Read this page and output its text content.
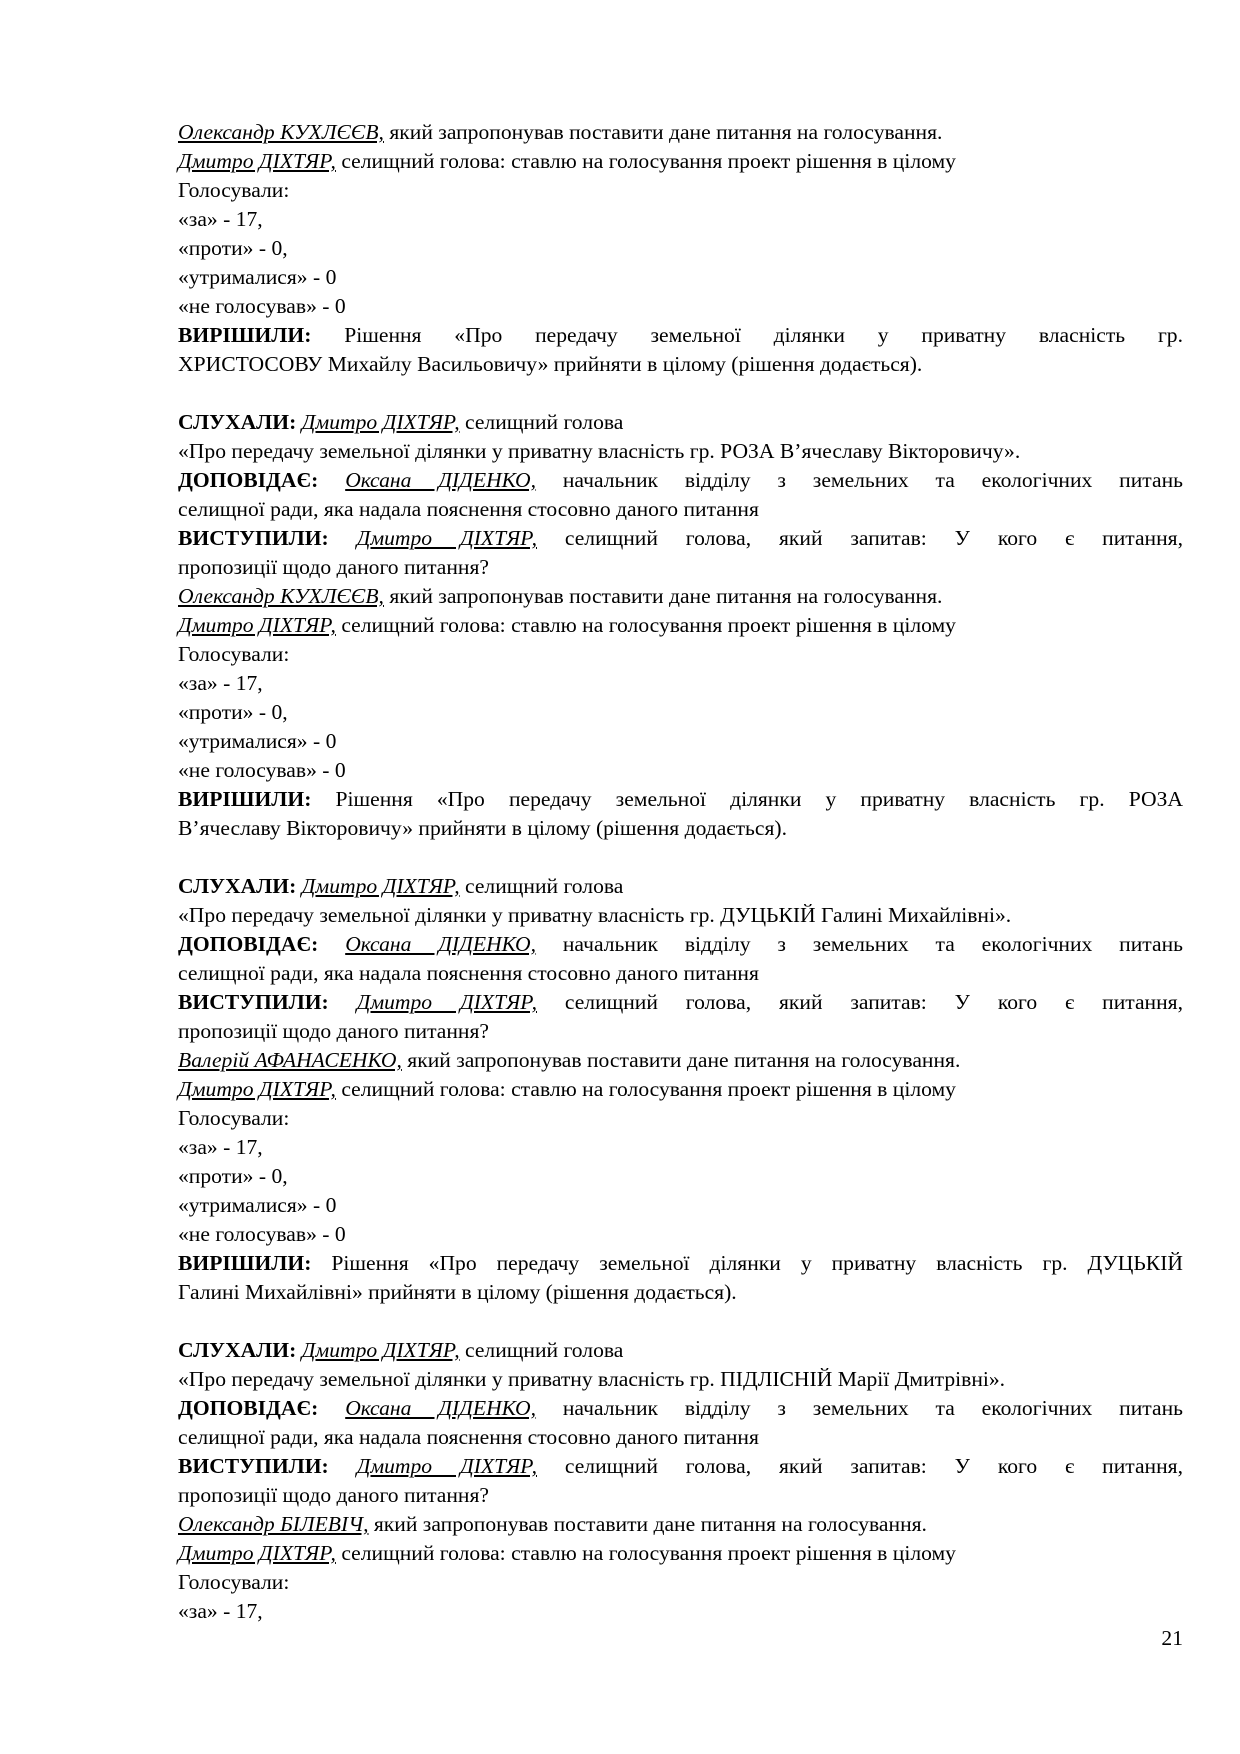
Олександр КУХЛЄЄВ, який запропонував поставити дане питання на голосування.

Дмитро ДІХТЯР, селищний голова: ставлю на голосування проект рішення в цілому

Голосували:

«за» - 17,

«проти» - 0,

«утрималися» - 0

«не голосував» - 0

ВИРІШИЛИ: Рішення «Про передачу земельної ділянки у приватну власність гр.

ХРИСТОСОВУ Михайлу Васильовичу» прийняти в цілому (рішення додається).

СЛУХАЛИ: Дмитро ДІХТЯР, селищний голова

«Про передачу земельної ділянки у приватну власність гр. РОЗА В’ячеславу Вікторовичу».

ДОПОВІДАЄ: Оксана ДІДЕНКО, начальник відділу з земельних та екологічних питань

селищної ради, яка надала пояснення стосовно даного питання

ВИСТУПИЛИ: Дмитро ДІХТЯР, селищний голова, який запитав: У кого є питання,

пропозиції щодо даного питання?

Олександр КУХЛЄЄВ, який запропонував поставити дане питання на голосування.

Дмитро ДІХТЯР, селищний голова: ставлю на голосування проект рішення в цілому

Голосували:

«за» - 17,

«проти» - 0,

«утрималися» - 0

«не голосував» - 0

ВИРІШИЛИ: Рішення «Про передачу земельної ділянки у приватну власність гр. РОЗА

В’ячеславу Вікторовичу» прийняти в цілому (рішення додається).

СЛУХАЛИ: Дмитро ДІХТЯР, селищний голова

«Про передачу земельної ділянки у приватну власність гр. ДУЦЬКІЙ Галині Михайлівні».

ДОПОВІДАЄ: Оксана ДІДЕНКО, начальник відділу з земельних та екологічних питань

селищної ради, яка надала пояснення стосовно даного питання

ВИСТУПИЛИ: Дмитро ДІХТЯР, селищний голова, який запитав: У кого є питання,

пропозиції щодо даного питання?

Валерій АФАНАСЕНКО, який запропонував поставити дане питання на голосування.

Дмитро ДІХТЯР, селищний голова: ставлю на голосування проект рішення в цілому

Голосували:

«за» - 17,

«проти» - 0,

«утрималися» - 0

«не голосував» - 0

ВИРІШИЛИ: Рішення «Про передачу земельної ділянки у приватну власність гр. ДУЦЬКІЙ

Галині Михайлівні» прийняти в цілому (рішення додається).

СЛУХАЛИ: Дмитро ДІХТЯР, селищний голова

«Про передачу земельної ділянки у приватну власність гр. ПІДЛІСНІЙ Марії Дмитрівні».

ДОПОВІДАЄ: Оксана ДІДЕНКО, начальник відділу з земельних та екологічних питань

селищної ради, яка надала пояснення стосовно даного питання

ВИСТУПИЛИ: Дмитро ДІХТЯР, селищний голова, який запитав: У кого є питання,

пропозиції щодо даного питання?

Олександр БІЛЕВІЧ, який запропонував поставити дане питання на голосування.

Дмитро ДІХТЯР, селищний голова: ставлю на голосування проект рішення в цілому

Голосували:

«за» - 17,

21
